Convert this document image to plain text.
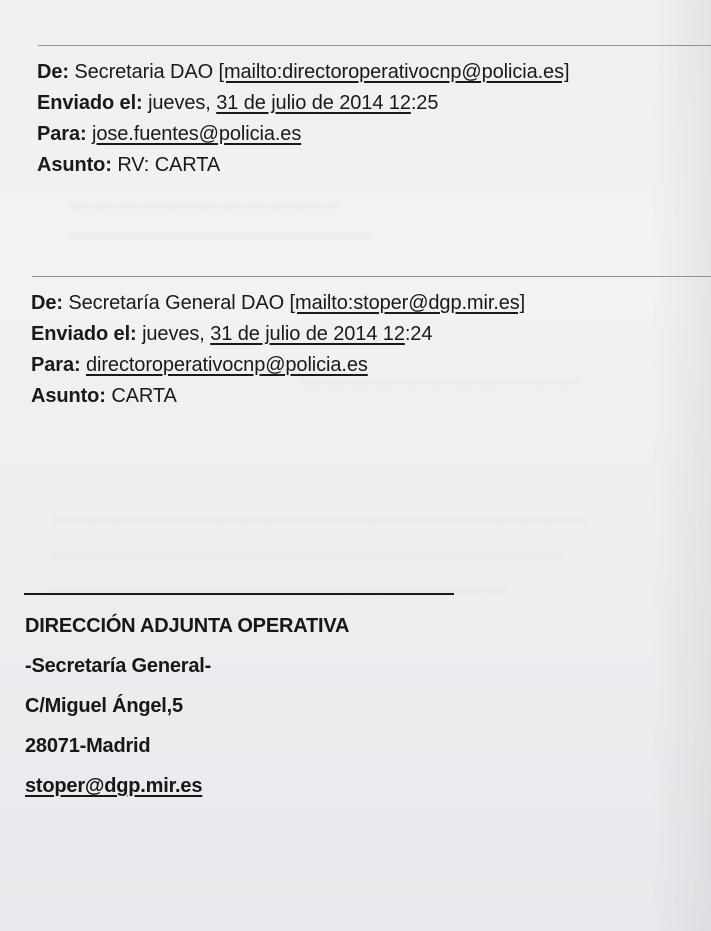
~~~~~~~~~~~~~~~~~~~~~~~
~~~~~~~~~~~~~~~~~~~~~~~~~~
~~~~~~~~~~~~~~~~~~~~~~~~
~~~~~~~~~~~~~~~~~~~~~~~~~~~~~~~~~~~~~~~~~~~~~~
~~~~~~~~~~~~~~~~~~~~~~~~~~~~~~~~~~~~~~~~~~~~
~~~~~~~~~~~~~~~~~~~~~~~~~~~~~~~~~~~~~~~
De: Secretaria DAO [mailto:directoroperativocnp@policia.es]
Enviado el: jueves, 31 de julio de 2014 12:25
Para: jose.fuentes@policia.es
Asunto: RV: CARTA
De: Secretaría General DAO [mailto:stoper@dgp.mir.es]
Enviado el: jueves, 31 de julio de 2014 12:24
Para: directoroperativocnp@policia.es
Asunto: CARTA
DIRECCIÓN ADJUNTA OPERATIVA
-Secretaría General-
C/Miguel Ángel,5
28071-Madrid
stoper@dgp.mir.es
